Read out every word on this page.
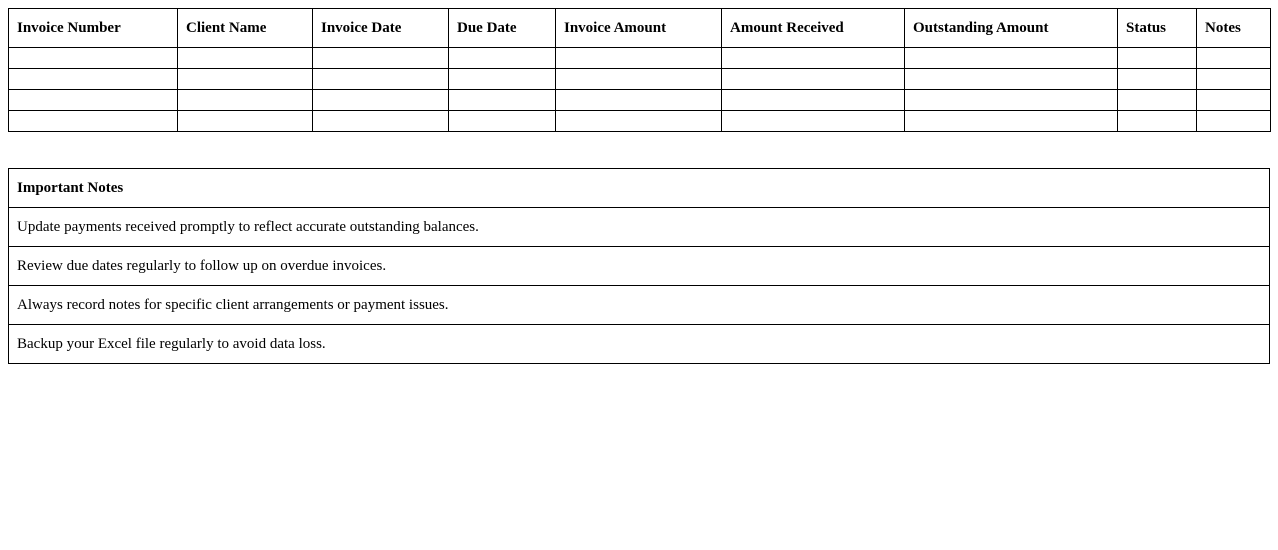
Invoice Number	Client Name	Invoice Date	Due Date	Invoice Amount	Amount Received	Outstanding Amount	Status	Notes

Important Notes
Update payments received promptly to reflect accurate outstanding balances.
Review due dates regularly to follow up on overdue invoices.
Always record notes for specific client arrangements or payment issues.
Backup your Excel file regularly to avoid data loss.
